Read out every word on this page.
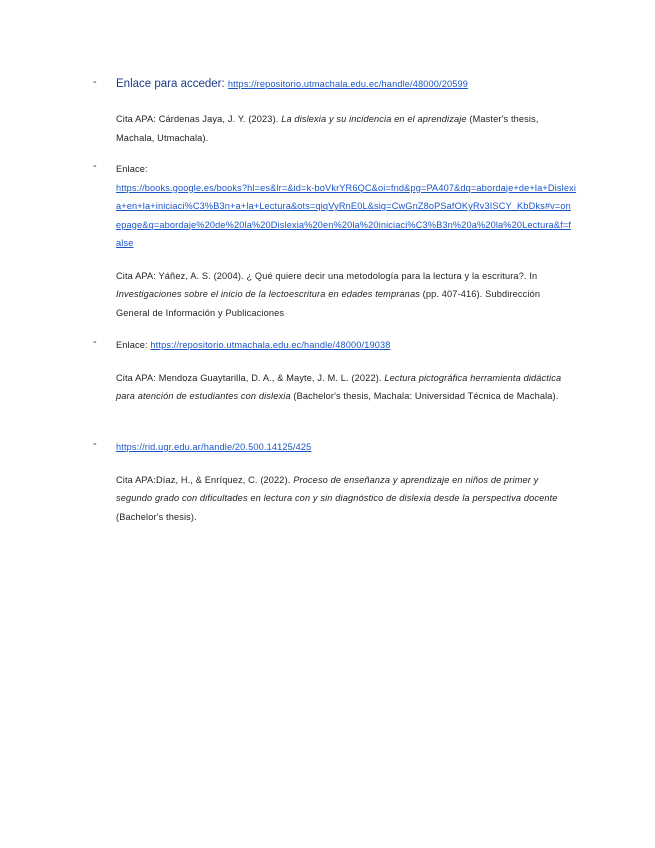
- Enlace para acceder: https://repositorio.utmachala.edu.ec/handle/48000/20599
Cita APA: Cárdenas Jaya, J. Y. (2023). La dislexia y su incidencia en el aprendizaje (Master's thesis, Machala, Utmachala).
- Enlace:
https://books.google.es/books?hl=es&lr=&id=k-boVkrYR6QC&oi=fnd&pg=PA407&dq=abordaje+de+la+Dislexia+en+la+iniciaci%C3%B3n+a+la+Lectura&ots=qiqVyRnE0L&sig=CwGnZ8oPSafOKyRv3ISCY_KbDks#v=onepage&q=abordaje%20de%20la%20Dislexia%20en%20la%20iniciaci%C3%B3n%20a%20la%20Lectura&f=false
Cita APA: Yáñez, A. S. (2004). ¿ Qué quiere decir una metodología para la lectura y la escritura?. In Investigaciones sobre el inicio de la lectoescritura en edades tempranas (pp. 407-416). Subdirección General de Información y Publicaciones
- Enlace: https://repositorio.utmachala.edu.ec/handle/48000/19038
Cita APA: Mendoza Guaytarilla, D. A., & Mayte, J. M. L. (2022). Lectura pictográfica herramienta didáctica para atención de estudiantes con dislexia (Bachelor's thesis, Machala: Universidad Técnica de Machala).
- https://rid.ugr.edu.ar/handle/20.500.14125/425
Cita APA:Díaz, H., & Enríquez, C. (2022). Proceso de enseñanza y aprendizaje en niños de primer y segundo grado con dificultades en lectura con y sin diagnóstico de dislexia desde la perspectiva docente (Bachelor's thesis).
